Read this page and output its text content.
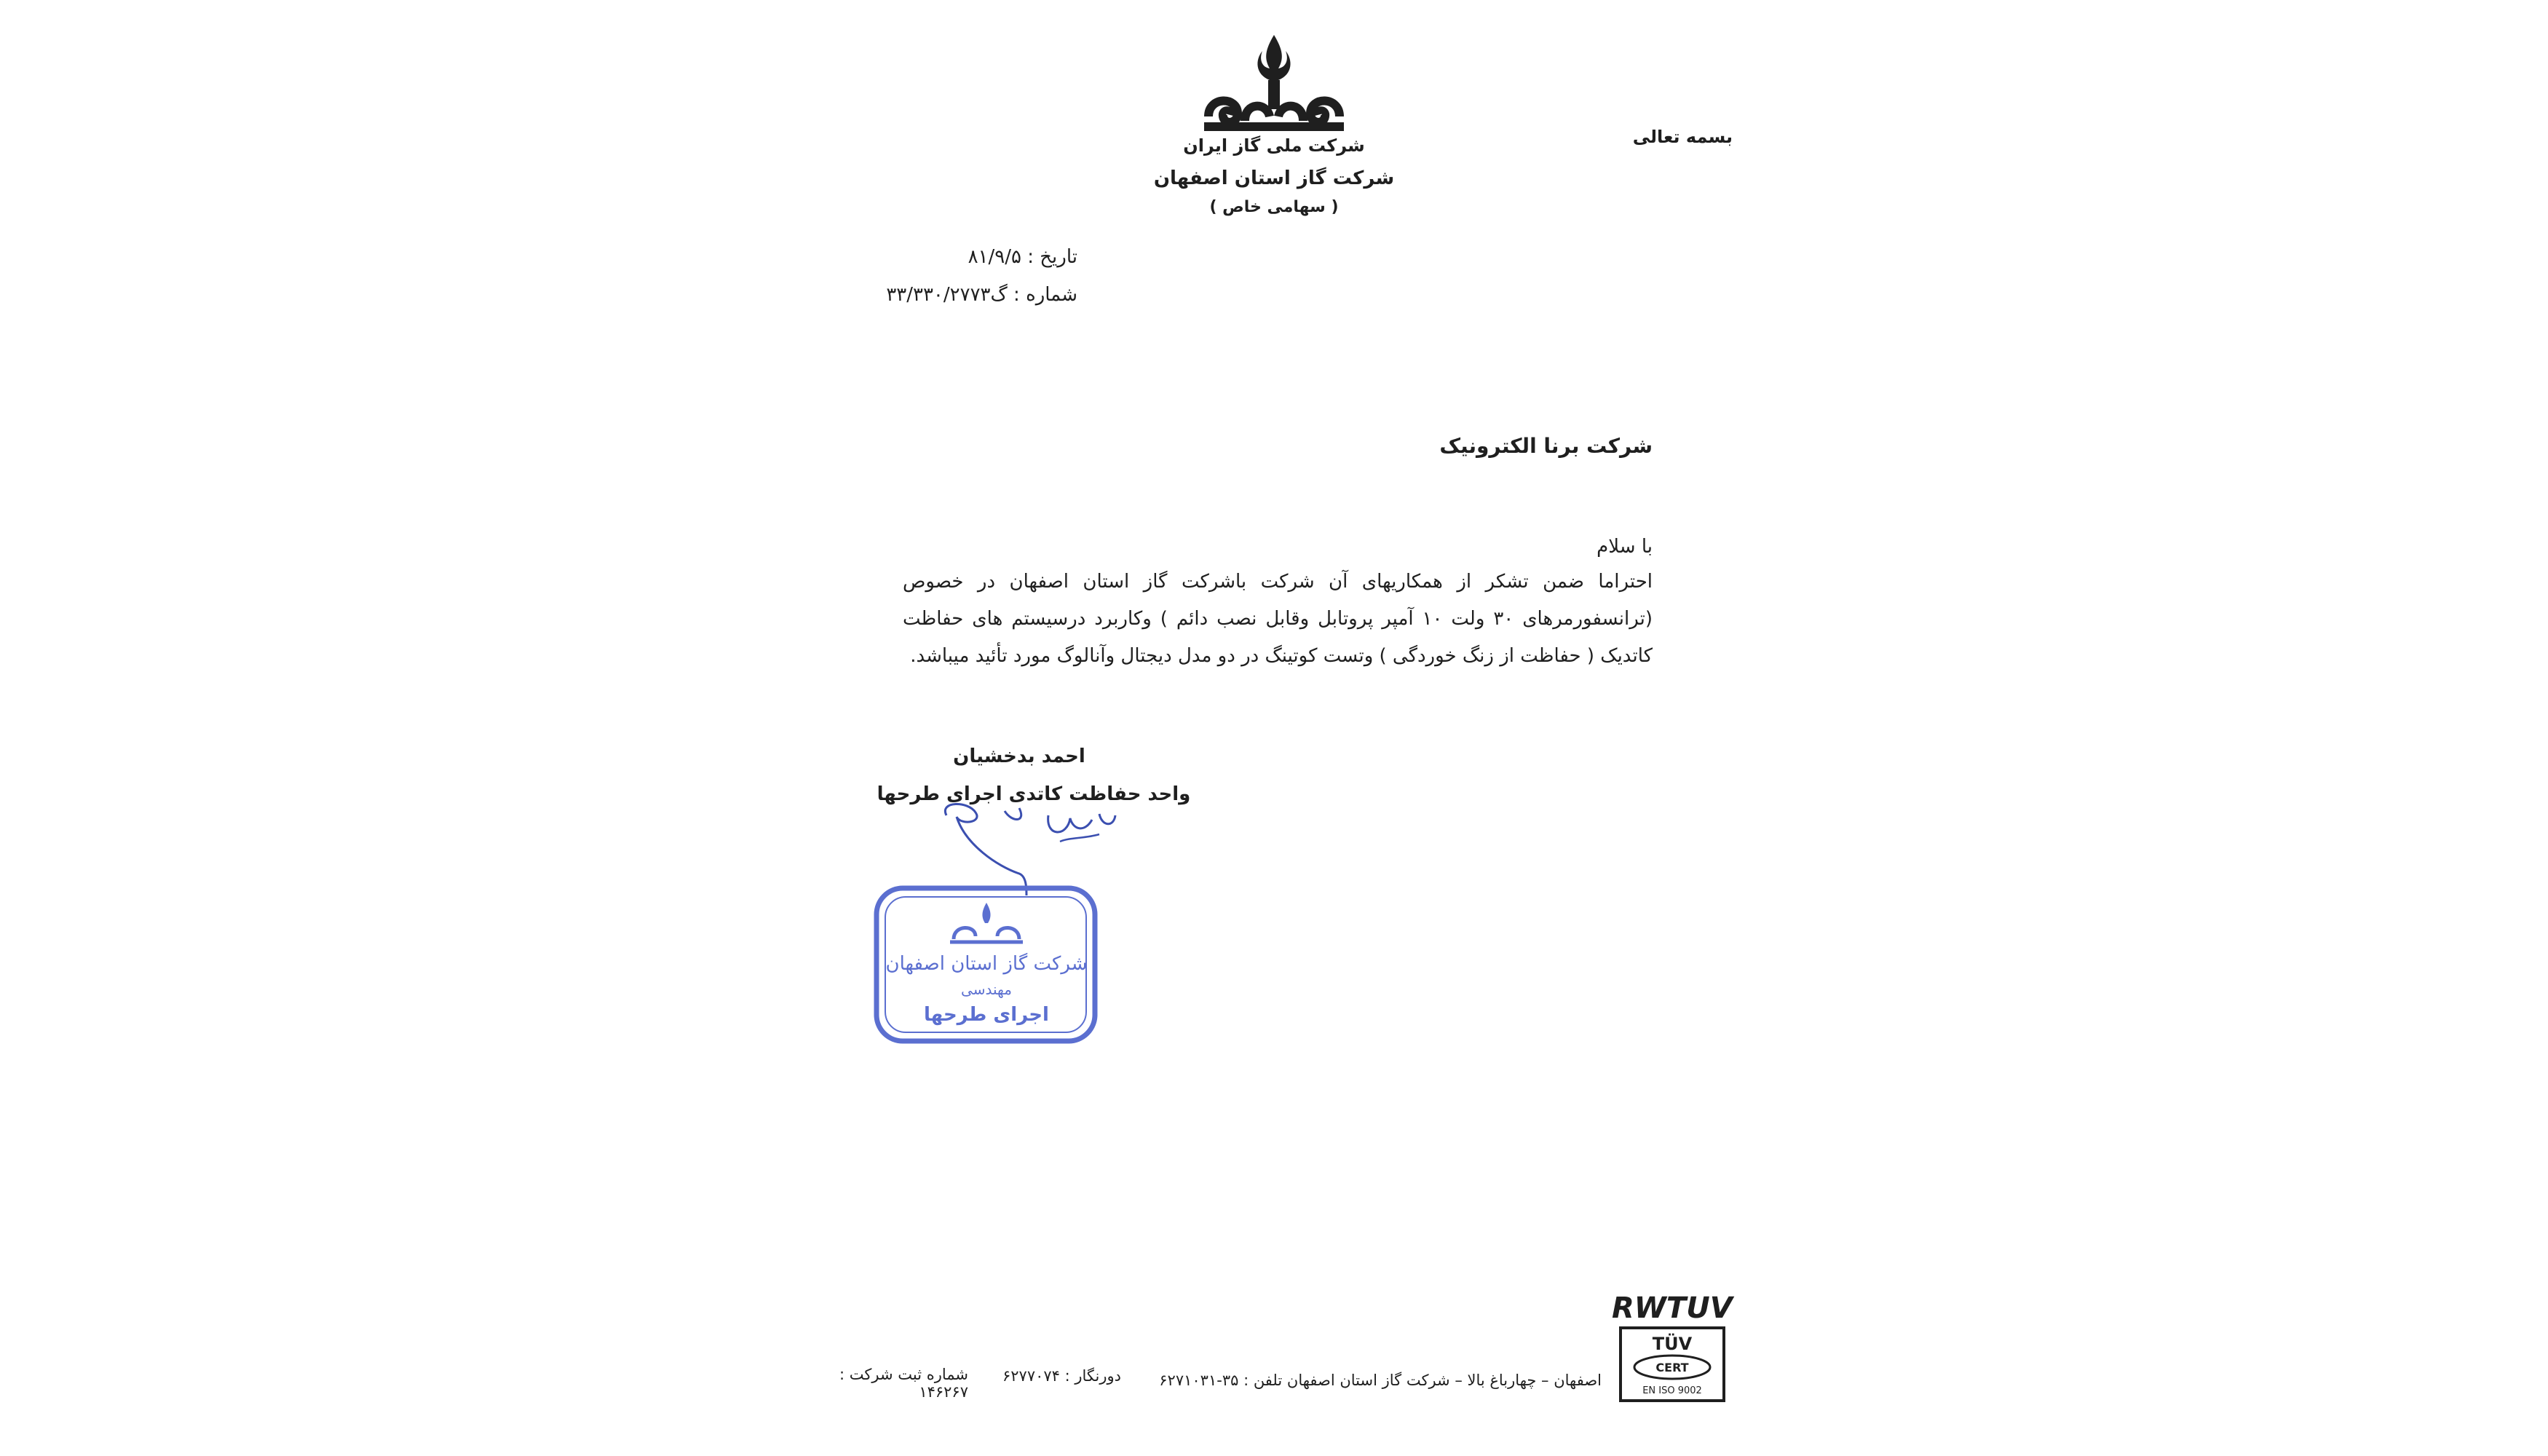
شرکت ملی گاز ایران
شرکت گاز استان اصفهان
( سهامی خاص )
بسمه تعالی
تاریخ : ۸۱/۹/۵
شماره : گ۳۳/۳۳۰/۲۷۷۳
شرکت برنا الکترونیک
با سلام
احتراما ضمن تشکر از همکاریهای آن شرکت باشرکت گاز استان اصفهان در خصوص (ترانسفورمرهای ۳۰ ولت ۱۰ آمپر پروتابل وقابل نصب دائم ) وکاربرد درسیستم های حفاظت کاتدیک ( حفاظت از زنگ خوردگی ) وتست کوتینگ در دو مدل دیجتال وآنالوگ مورد تأئید میباشد.
احمد بدخشیان
واحد حفاظت کاتدی اجرای طرحها
شرکت گاز استان اصفهان
مهندسی
اجرای طرحها
RWTUV
TÜV
CERT
EN ISO 9002
اصفهان – چهارباغ بالا – شرکت گاز استان اصفهان تلفن : ۳۵-۶۲۷۱۰۳۱
دورنگار : ۶۲۷۷۰۷۴
شماره ثبت شرکت : ۱۴۶۲۶۷
